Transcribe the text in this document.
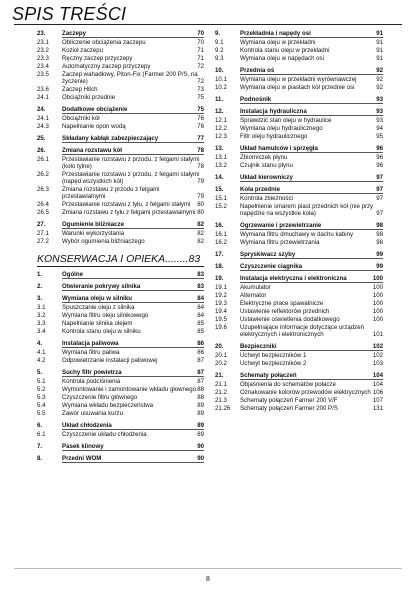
SPIS TREŚCI
23.	Zaczepy	70
23.1	Obliczenie obciążenia zaczepu	70
23.2	Kozioł zaczepu	71
23.3	Ręczny zaczep przyczepy	71
23.4	Automatyczny zaczep przyczepy	72
23.5	Zaczep wahadłowy, Piton-Fix (Farmer 200 P/S, na życzenie)	72
23.6	Zaczep Hitch	73
24.1	Obciążniki przednie	75
24.	Dodatkowe obciążenie	75
24.1	Obciążniki kół	76
24.3	Napełnianie opon wodą	76
25.	Składany kabłąk zabezpieczający	77
26.	Zmiana rozstawu kół	78
26.1	Przestawianie rozstawu z przodu, z felgami stałymi (koło tylne)	78
26.2	Przestawianie rozstawu z przodu, z felgami stałymi (napęd wszystkich kół)	79
26.3	Zmiana rozstawu z przodu z felgami przestawialnymi	79
26.4	Przestawianie rozstawu z tyłu, z felgami stałymi 80
26.5	Zmiana rozstawu z tyłu z felgami przestawialnymi 80
27.	Ogumienie bliźniacze	82
27.1	Warunki wykorzystania	82
27.2	Wybór ogumienia bliźniaczego	82
KONSERWACJA I OPIEKA........83
1.	Ogólne	83
2.	Otwieranie pokrywy silnika	83
3.	Wymiana oleju w silniku	84
3.1	Spuszczanie oleju z silnika	84
3.2	Wymiana filtru oleju silnikowego	84
3.3	Napełnianie silnika olejem	85
3.4	Kontrola stanu oleju w silniku	85
4.	Instalacja paliwowa	86
4.1	Wymiana filtru paliwa	86
4.2	Odpowietrzanie instalacji paliwowej	87
5.	Suchy filtr powietrza	87
5.1	Kontrola podciśnienia	87
5.2	Wymontowanie i zamontowanie wkładu głownego 88
5.3	Czyszczenie filtru głównego	88
5.4	Wymiana wkładu bezpieczeństwa	89
5.5	Zawór usuwania kurzu	89
6.	Układ chłodzenia	89
6.1	Czyszczenie układu chłodzenia	89
7.	Pasek klinowy	90
8.	Przedni WOM	90
9.	Przekładnia i napędy osi	91
9.1	Wymiana oleju w przekładni	91
9.2	Kontrola stanu oleju w przekładni	91
9.3	Wymiana oleju w napędach osi	91
10.	Przednia oś	92
10.1	Wymiana oleju w przekładni wyrównawczej	92
10.2	Wymiana oleju w piastach kół przednie osi	92
11.	Podnośnik	93
12.	Instalacja hydrauliczna	93
12.1	Sprawdzić stan oleju w hydraulice	93
12.2	Wymiana oleju hydraulicznego	94
12.3	Filtr oleju hydraulicznego	95
13.	Układ hamulców i sprzęgła	96
13.1	Zbiorniczek płynu	96
13.2	Czujnik stanu płynu	96
14.	Układ kierowniczy	97
15.	Koła przednie	97
15.1	Kontrola zbieżności	97
15.2	Napełnienie smarem piast przednich kół (nie przy napędzie na wszystkie koła)	97
16.	Ogrzewanie i przewietrzanie	98
16.1	Wymiana filtru dmuchawy w dachu kabiny	98
16.2	Wymiana filtru przewietrzania	98
17.	Spryskiwacz szyby	99
18.	Czyszczenie ciągnika	99
19.	Instalacja elektryczna i elektroniczna	100
19.1	Akumulator	100
19.2	Alternator	100
19.3	Elektryczne prace spawalnicze	100
19.4	Ustawienie reflektorów przednich	100
19.5	Ustawienie oświetlenia dodatkowego	100
19.6	Uzupełniające informacje dotyczące urządzeń elektrycznych i elektronicznych	101
20.	Bezpieczniki	102
20.1	Uchwyt bezpieczników 1	102
20.2	Uchwyt bezpieczników 2	103
21.	Schematy połączeń	104
21.1	Objaśnienia do schematów połacze	104
21.2	Oznakowanie kolorów przewodów elektrycznych 106
21.3	Schematy połączeń Farmer 200 V/F	107
21.26	Schematy połączeń Farmer 200 P/S	131
8
